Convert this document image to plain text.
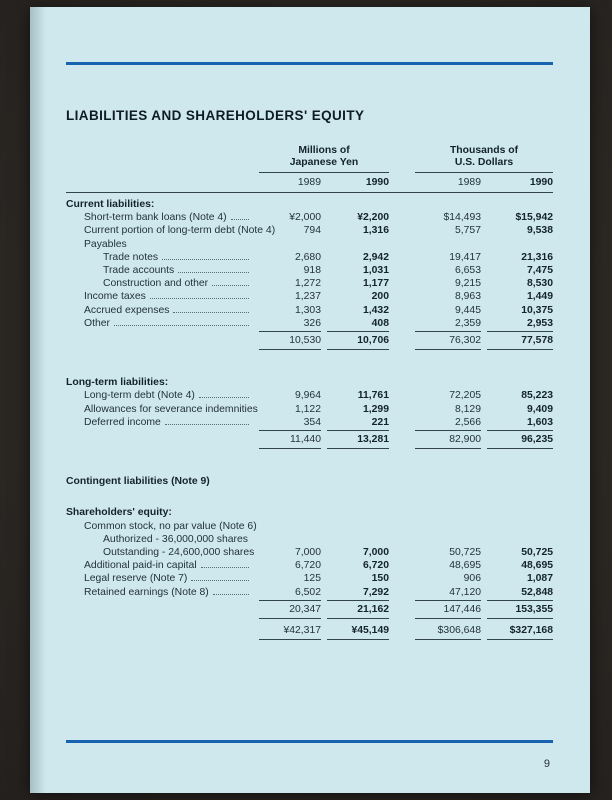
LIABILITIES AND SHAREHOLDERS' EQUITY
Millions of
Japanese Yen
Thousands of
U.S. Dollars
1989	1990	1989	1990
Current liabilities:
Short-term bank loans (Note 4)	¥2,000	¥2,200	$14,493	$15,942
Current portion of long-term debt (Note 4)	794	1,316	5,757	9,538
Payables
Trade notes	2,680	2,942	19,417	21,316
Trade accounts	918	1,031	6,653	7,475
Construction and other	1,272	1,177	9,215	8,530
Income taxes	1,237	200	8,963	1,449
Accrued expenses	1,303	1,432	9,445	10,375
Other	326	408	2,359	2,953
10,530	10,706	76,302	77,578
Long-term liabilities:
Long-term debt (Note 4)	9,964	11,761	72,205	85,223
Allowances for severance indemnities	1,122	1,299	8,129	9,409
Deferred income	354	221	2,566	1,603
11,440	13,281	82,900	96,235
Contingent liabilities (Note 9)
Shareholders' equity:
Common stock, no par value (Note 6)
Authorized - 36,000,000 shares
Outstanding - 24,600,000 shares	7,000	7,000	50,725	50,725
Additional paid-in capital	6,720	6,720	48,695	48,695
Legal reserve (Note 7)	125	150	906	1,087
Retained earnings (Note 8)	6,502	7,292	47,120	52,848
20,347	21,162	147,446	153,355
¥42,317	¥45,149	$306,648	$327,168
9
